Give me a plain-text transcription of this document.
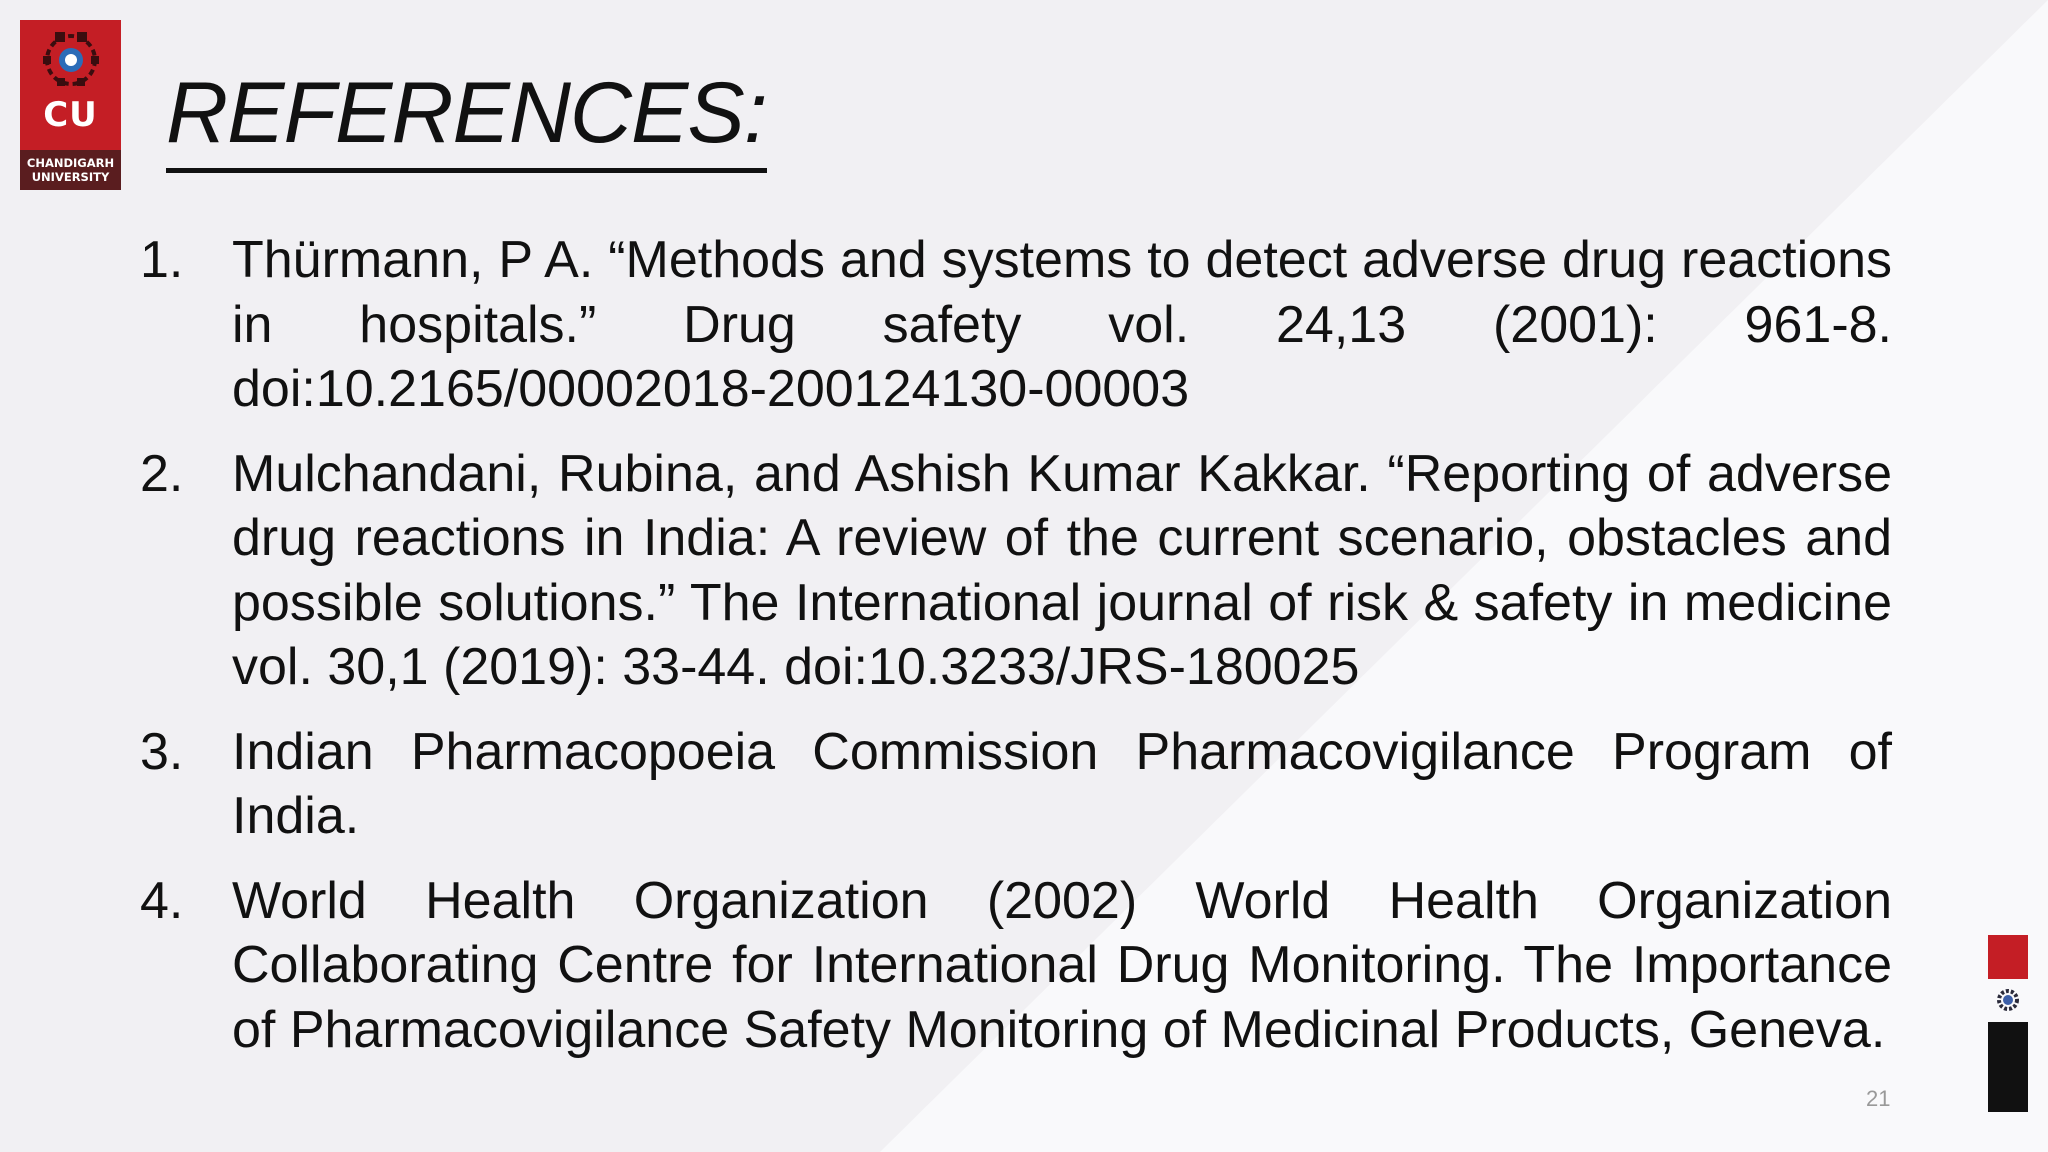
CU
CHANDIGARH
UNIVERSITY
REFERENCES:
1. Thürmann, P A. “Methods and systems to detect adverse drug reactions in hospitals.” Drug safety vol. 24,13 (2001): 961-8. doi:10.2165/00002018-200124130-00003
2. Mulchandani, Rubina, and Ashish Kumar Kakkar. “Reporting of adverse drug reactions in India: A review of the current scenario, obstacles and possible solutions.” The International journal of risk & safety in medicine vol. 30,1 (2019): 33-44. doi:10.3233/JRS-180025
3. Indian Pharmacopoeia Commission Pharmacovigilance Program of India.
4. World Health Organization (2002) World Health Organization Collaborating Centre for International Drug Monitoring. The Importance of Pharmacovigilance Safety Monitoring of Medicinal Products, Geneva.
21
